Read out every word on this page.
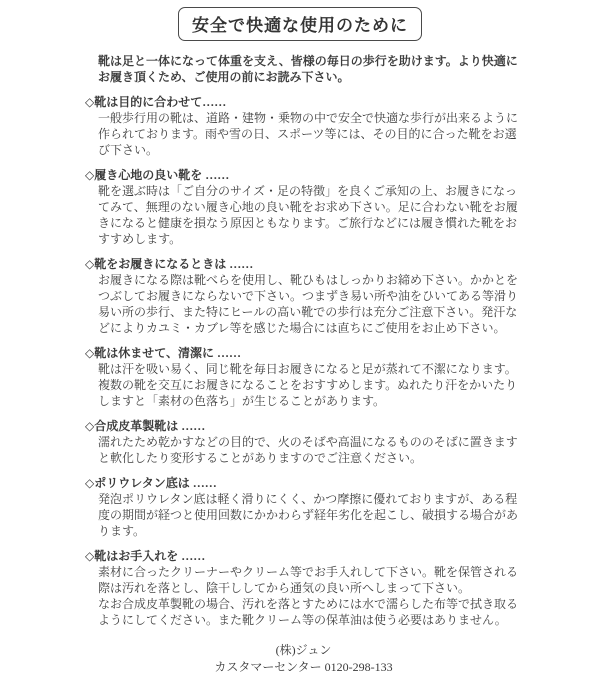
安全で快適な使用のために

靴は足と一体になって体重を支え、皆様の毎日の歩行を助けます。より快適にお履き頂くため、ご使用の前にお読み下さい。

◇靴は目的に合わせて……

一般歩行用の靴は、道路・建物・乗物の中で安全で快適な歩行が出来るように作られております。雨や雪の日、スポーツ等には、その目的に合った靴をお選び下さい。

◇履き心地の良い靴を ……

靴を選ぶ時は「ご自分のサイズ・足の特徴」を良くご承知の上、お履きになってみて、無理のない履き心地の良い靴をお求め下さい。足に合わない靴をお履きになると健康を損なう原因ともなります。ご旅行などには履き慣れた靴をおすすめします。

◇靴をお履きになるときは ……

お履きになる際は靴べらを使用し、靴ひもはしっかりお締め下さい。かかとをつぶしてお履きにならないで下さい。つまずき易い所や油をひいてある等滑り易い所の歩行、また特にヒールの高い靴での歩行は充分ご注意下さい。発汗などによりカユミ・カブレ等を感じた場合には直ちにご使用をお止め下さい。

◇靴は休ませて、清潔に ……

靴は汗を吸い易く、同じ靴を毎日お履きになると足が蒸れて不潔になります。複数の靴を交互にお履きになることをおすすめします。ぬれたり汗をかいたりしますと「素材の色落ち」が生じることがあります。

◇合成皮革製靴は ……

濡れたため乾かすなどの目的で、火のそばや高温になるもののそばに置きますと軟化したり変形することがありますのでご注意ください。

◇ポリウレタン底は ……

発泡ポリウレタン底は軽く滑りにくく、かつ摩擦に優れておりますが、ある程度の期間が経つと使用回数にかかわらず経年劣化を起こし、破損する場合があります。

◇靴はお手入れを ……

素材に合ったクリーナーやクリーム等でお手入れして下さい。靴を保管される際は汚れを落とし、陰干ししてから通気の良い所へしまって下さい。

なお合成皮革製靴の場合、汚れを落とすためには水で濡らした布等で拭き取るようにしてください。また靴クリーム等の保革油は使う必要はありません。

(株)ジュン
カスタマーセンター 0120-298-133
